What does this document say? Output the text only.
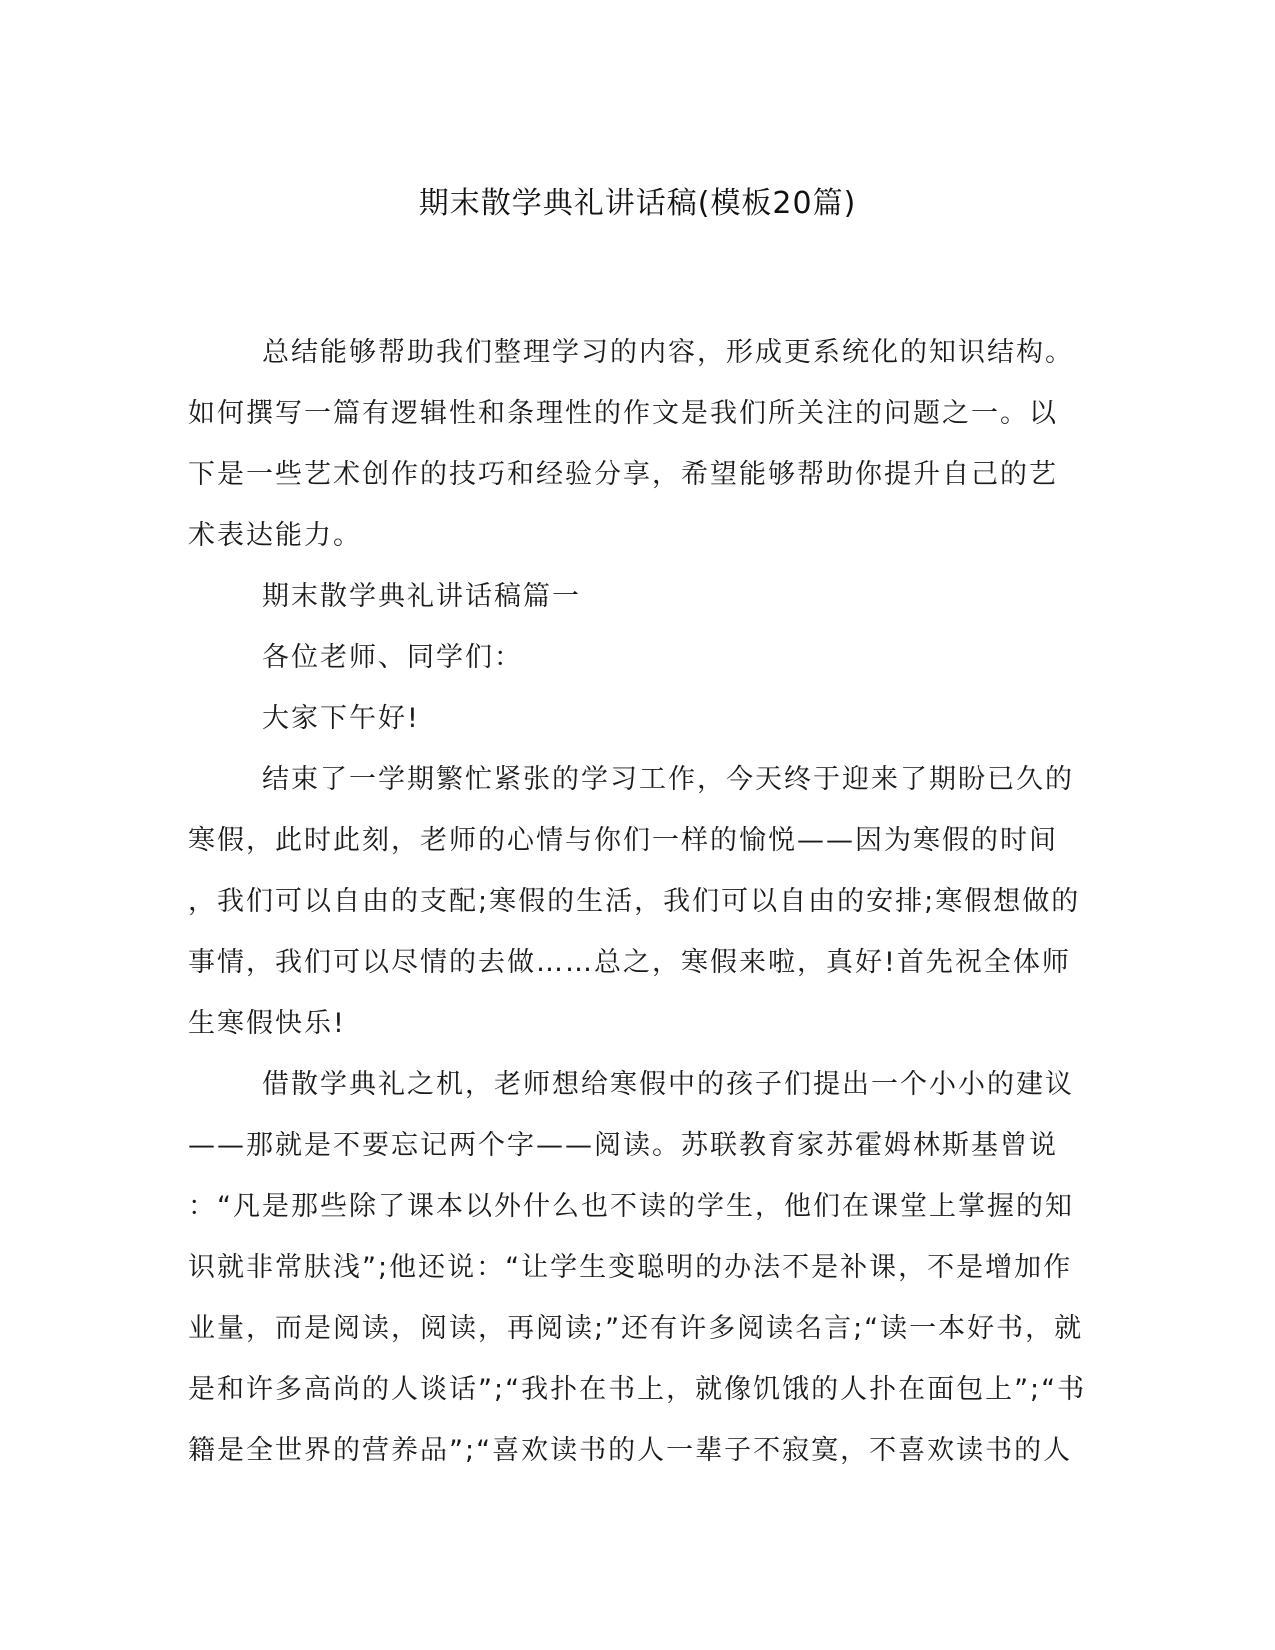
期末散学典礼讲话稿(模板20篇)

总结能够帮助我们整理学习的内容，形成更系统化的知识结构。
如何撰写一篇有逻辑性和条理性的作文是我们所关注的问题之一。以
下是一些艺术创作的技巧和经验分享，希望能够帮助你提升自己的艺
术表达能力。

期末散学典礼讲话稿篇一

各位老师、同学们：

大家下午好!

结束了一学期繁忙紧张的学习工作，今天终于迎来了期盼已久的
寒假，此时此刻，老师的心情与你们一样的愉悦——因为寒假的时间
，我们可以自由的支配;寒假的生活，我们可以自由的安排;寒假想做的
事情，我们可以尽情的去做……总之，寒假来啦，真好!首先祝全体师
生寒假快乐!

借散学典礼之机，老师想给寒假中的孩子们提出一个小小的建议
——那就是不要忘记两个字——阅读。苏联教育家苏霍姆林斯基曾说
：“凡是那些除了课本以外什么也不读的学生，他们在课堂上掌握的知
识就非常肤浅”;他还说：“让学生变聪明的办法不是补课，不是增加作
业量，而是阅读，阅读，再阅读;”还有许多阅读名言;“读一本好书，就
是和许多高尚的人谈话”;“我扑在书上，就像饥饿的人扑在面包上”;“书
籍是全世界的营养品”;“喜欢读书的人一辈子不寂寞，不喜欢读书的人
